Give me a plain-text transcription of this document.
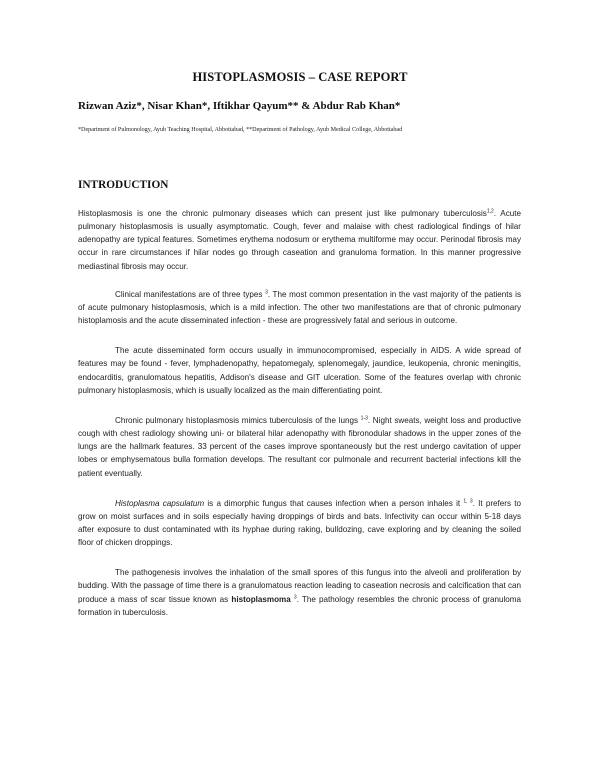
HISTOPLASMOSIS – CASE REPORT
Rizwan Aziz*, Nisar Khan*, Iftikhar Qayum** & Abdur Rab Khan*
*Department of Pulmonology, Ayub Teaching Hospital, Abbottabad, **Department of Pathology, Ayub Medical College, Abbottabad
INTRODUCTION

Histoplasmosis is one the chronic pulmonary diseases which can present just like pulmonary tuberculosis$^{1,2}$. Acute pulmonary histoplasmosis is usually asymptomatic. Cough, fever and malaise with chest radiological findings of hilar adenopathy are typical features. Sometimes erythema nodosum or erythema multiforme may occur. Perinodal fibrosis may occur in rare circumstances if hilar nodes go through caseation and granuloma formation. In this manner progressive mediastinal fibrosis may occur.

Clinical manifestations are of three types $^3$. The most common presentation in the vast majority of the patients is of acute pulmonary histoplasmosis, which is a mild infection. The other two manifestations are that of chronic pulmonary histoplamosis and the acute disseminated infection - these are progressively fatal and serious in outcome.

The acute disseminated form occurs usually in immunocompromised, especially in AIDS. A wide spread of features may be found - fever, lymphadenopathy, hepatomegaly, splenomegaly, jaundice, leukopenia, chronic meningitis, endocarditis, granulomatous hepatitis, Addison's disease and GIT ulceration. Some of the features overlap with chronic pulmonary histoplasmosis, which is usually localized as the main differentiating point.

Chronic pulmonary histoplasmosis mimics tuberculosis of the lungs $^{1-3}$. Night sweats, weight loss and productive cough with chest radiology showing uni- or bilateral hilar adenopathy with fibronodular shadows in the upper zones of the lungs are the hallmark features. 33 percent of the cases improve spontaneously but the rest undergo cavitation of upper lobes or emphysematous bulla formation develops. The resultant cor pulmonale and recurrent bacterial infections kill the patient eventually.

Histoplasma capsulatum is a dimorphic fungus that causes infection when a person inhales it $^{1, 3}$. It prefers to grow on moist surfaces and in soils especially having droppings of birds and bats. Infectivity can occur within 5-18 days after exposure to dust contaminated with its hyphae during raking, bulldozing, cave exploring and by cleaning the soiled floor of chicken droppings.

The pathogenesis involves the inhalation of the small spores of this fungus into the alveoli and proliferation by budding. With the passage of time there is a granulomatous reaction leading to caseation necrosis and calcification that can produce a mass of scar tissue known as histoplasmoma $^3$. The pathology resembles the chronic process of granuloma formation in tuberculosis.
